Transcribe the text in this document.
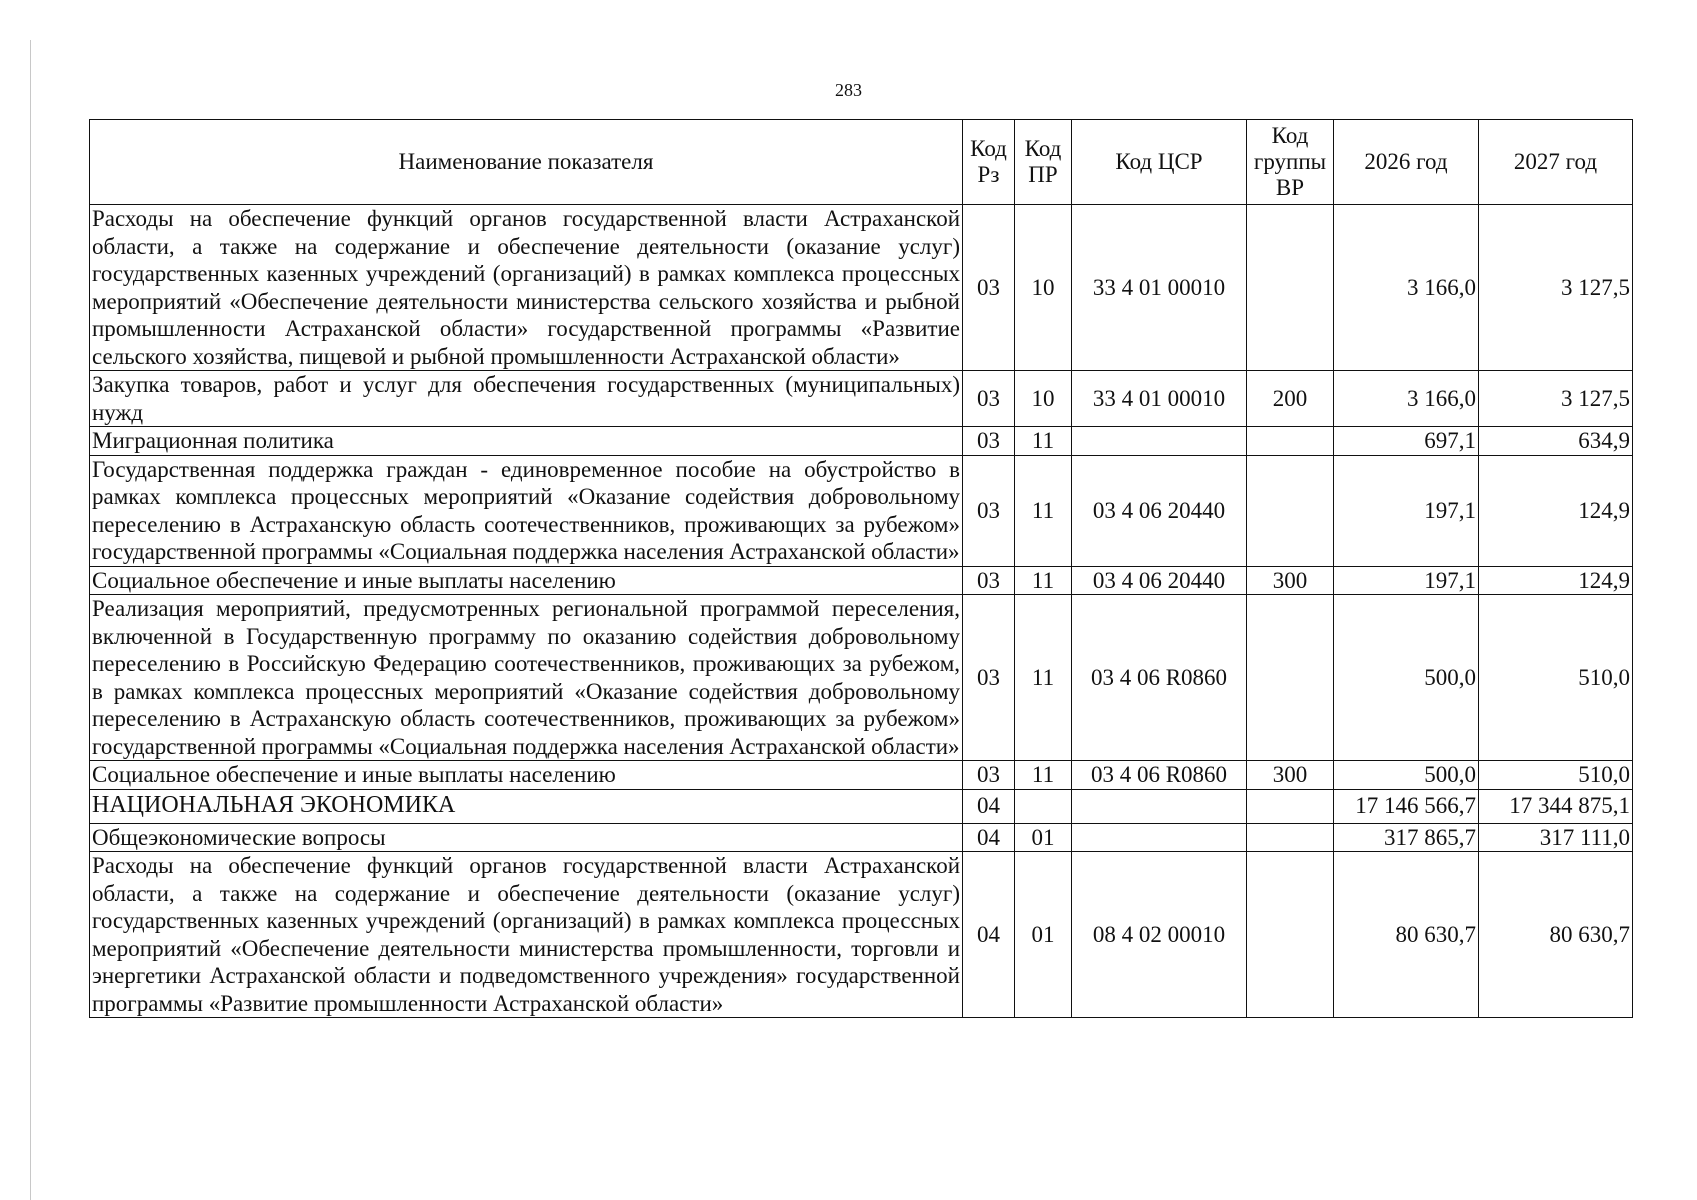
283
Наименование показателя	Код Рз	Код ПР	Код ЦСР	Код группы ВР	2026 год	2027 год
Расходы на обеспечение функций органов государственной власти Астраханской области, а также на содержание и обеспечение деятельности (оказание услуг) государственных казенных учреждений (организаций) в рамках комплекса процессных мероприятий «Обеспечение деятельности министерства сельского хозяйства и рыбной промышленности Астраханской области» государственной программы «Развитие сельского хозяйства, пищевой и рыбной промышленности Астраханской области»	03	10	33 4 01 00010		3 166,0	3 127,5
Закупка товаров, работ и услуг для обеспечения государственных (муниципальных) нужд	03	10	33 4 01 00010	200	3 166,0	3 127,5
Миграционная политика	03	11			697,1	634,9
Государственная поддержка граждан - единовременное пособие на обустройство в рамках комплекса процессных мероприятий «Оказание содействия добровольному переселению в Астраханскую область соотечественников, проживающих за рубежом» государственной программы «Социальная поддержка населения Астраханской области»	03	11	03 4 06 20440		197,1	124,9
Социальное обеспечение и иные выплаты населению	03	11	03 4 06 20440	300	197,1	124,9
Реализация мероприятий, предусмотренных региональной программой переселения, включенной в Государственную программу по оказанию содействия добровольному переселению в Российскую Федерацию соотечественников, проживающих за рубежом, в рамках комплекса процессных мероприятий «Оказание содействия добровольному переселению в Астраханскую область соотечественников, проживающих за рубежом» государственной программы «Социальная поддержка населения Астраханской области»	03	11	03 4 06 R0860		500,0	510,0
Социальное обеспечение и иные выплаты населению	03	11	03 4 06 R0860	300	500,0	510,0
НАЦИОНАЛЬНАЯ ЭКОНОМИКА	04				17 146 566,7	17 344 875,1
Общеэкономические вопросы	04	01			317 865,7	317 111,0
Расходы на обеспечение функций органов государственной власти Астраханской области, а также на содержание и обеспечение деятельности (оказание услуг) государственных казенных учреждений (организаций) в рамках комплекса процессных мероприятий «Обеспечение деятельности министерства промышленности, торговли и энергетики Астраханской области и подведомственного учреждения» государственной программы «Развитие промышленности Астраханской области»	04	01	08 4 02 00010		80 630,7	80 630,7
